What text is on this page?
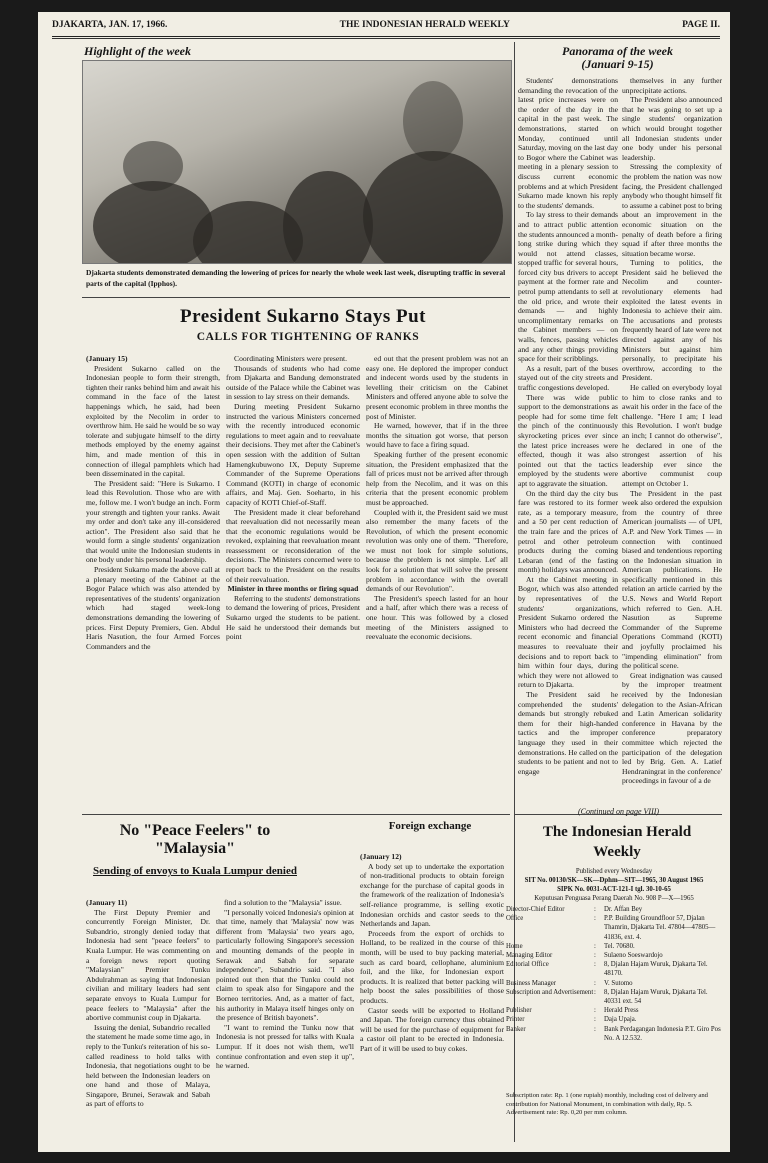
DJAKARTA, JAN. 17, 1966.	THE INDONESIAN HERALD WEEKLY	PAGE II.
Highlight of the week
Djakarta students demonstrated demanding the lowering of prices for nearly the whole week last week, disrupting traffic in several parts of the capital (Ipphos).
Panorama of the week
(Januari 9-15)

Students' demonstrations demanding the revocation of the latest price increases were on the order of the day in the capital in the past week. The demonstrations, started on Monday, continued until Saturday, moving on the last day to Bogor where the Cabinet was meeting in a plenary session to discuss current economic problems and at which President Sukarno made known his reply to the students' demands.

To lay stress to their demands and to attract public attention the students announced a month-long strike during which they would not attend classes, stopped traffic for several hours, forced city bus drivers to accept payment at the former rate and petrol pump attendants to sell at the old price, and wrote their demands — and highly uncomplimentary remarks on the Cabinet members — on walls, fences, passing vehicles and any other things providing space for their scribblings.

As a result, part of the buses stayed out of the city streets and traffic congestions developed.

There was wide public support to the demonstrations as people had for some time felt the pinch of the continuously skyrocketing prices ever since the latest price increases were effected, though it was also pointed out that the tactics employed by the students were apt to aggravate the situation.

On the third day the city bus fare was restored to its former rate, as a temporary measure, and a 50 per cent reduction of the train fare and the prices of petrol and other petroleum products during the coming Lebaran (end of the fasting month) holidays was announced.

At the Cabinet meeting in Bogor, which was also attended by representatives of the students' organizations, President Sukarno ordered the Ministers who had decreed the recent economic and financial measures to reevaluate their decisions and to report back to him within four days, during which they were not allowed to return to Djakarta.

The President said he comprehended the students' demands but strongly rebuked them for their high-handed tactics and the improper language they used in their demonstrations. He called on the students to be patient and not to engage

themselves in any further unprecipitate actions.

The President also announced that he was going to set up a single students' organization which would brought together all Indonesian students under one body under his personal leadership.

Stressing the complexity of the problem the nation was now facing, the President challenged anybody who thought himself fit to assume a cabinet post to bring about an improvement in the economic situation on the penalty of death before a firing squad if after three months the situation became worse.

Turning to politics, the President said he believed the Necolim and counter-revolutionary elements had exploited the latest events in Indonesia to achieve their aim. The accusations and protests frequently heard of late were not directed against any of his Ministers but against him personally, to precipitate his overthrow, according to the President.

He called on everybody loyal to him to close ranks and to await his order in the face of the challenge. "Here I am; I lead this Revolution. I won't budge an inch; I cannot do otherwise", he declared in one of the strongest assertion of his leadership ever since the abortive communist coup attempt on October 1.

The President in the past week also ordered the expulsion from the country of three American journalists — of UPI, A.P. and New York Times — in connection with continued biased and tendentious reporting on the Indonesian situation in American publications. He specifically mentioned in this relation an article carried by the U.S. News and World Report which referred to Gen. A.H. Nasution as Supreme Commander of the Supreme Operations Command (KOTI) and joyfully proclaimed his "impending elimination" from the political scene.

Great indignation was caused by the improper treatment received by the Indonesian delegation to the Asian-African and Latin American solidarity conference in Havana by the conference preparatory committee which rejected the participation of the delegation led by Brig. Gen. A. Latief Hendraningrat in the conference' proceedings in favour of a de

(Continued on page VIII)
President Sukarno Stays Put
CALLS FOR TIGHTENING OF RANKS

(January 15)

President Sukarno called on the Indonesian people to form their strength, tighten their ranks behind him and await his command in the face of the latest happenings which, he said, had been exploited by the Necolim in order to overthrow him. He said he would be so way tolerate and subjugate himself to the dirty methods employed by the enemy against him, and made mention of this in connection of illegal pamphlets which had been disseminated in the capital.

The President said: "Here is Sukarno. I lead this Revolution. Those who are with me, follow me. I won't budge an inch. Form your strength and tighten your ranks. Await my order and don't take any ill-considered action". The President also said that he would form a single students' organization that would unite the Indonesian students in one body under his personal leadership.

President Sukarno made the above call at a plenary meeting of the Cabinet at the Bogor Palace which was also attended by representatives of the students' organization which had staged week-long demonstrations demanding the lowering of prices. First Deputy Premiers, Gen. Abdul Haris Nasution, the four Armed Forces Commanders and the

Coordinating Ministers were present.

Thousands of students who had come from Djakarta and Bandung demonstrated outside of the Palace while the Cabinet was in session to lay stress on their demands.

During meeting President Sukarno instructed the various Ministers concerned with the recently introduced economic regulations to meet again and to reevaluate their decisions. They met after the Cabinet's open session with the addition of Sultan Hamengkubuwono IX, Deputy Supreme Commander of the Supreme Operations Command (KOTI) in charge of economic affairs, and Maj. Gen. Soeharto, in his capacity of KOTI Chief-of-Staff.

The President made it clear beforehand that reevaluation did not necessarily mean that the economic regulations would be revoked, explaining that reevaluation meant reassessment or reconsideration of the decisions. The Ministers concerned were to report back to the President on the results of their reevaluation.

Minister in three months or firing squad

Referring to the students' demonstrations to demand the lowering of prices, President Sukarno urged the students to be patient. He said he understood their demands but point

ed out that the present problem was not an easy one. He deplored the improper conduct and indecent words used by the students in levelling their criticism on the Cabinet Ministers and offered anyone able to solve the present economic problem in three months the post of Minister.

He warned, however, that if in the three months the situation got worse, that person would have to face a firing squad.

Speaking further of the present economic situation, the President emphasized that the fall of prices must not be arrived after through help from the Necolim, and it was on this criteria that the present economic problem must be approached.

Coupled with it, the President said we must also remember the many facets of the Revolution, of which the present economic revolution was only one of them. "Therefore, we must not look for simple solutions, because the problem is not simple. Let' all look for a solution that will solve the present problem in accordance with the overall demands of our Revolution".

The President's speech lasted for an hour and a half, after which there was a recess of one hour. This was followed by a closed meeting of the Ministers assigned to reevaluate the economic decisions.

No "Peace Feelers" to "Malaysia"
Sending of envoys to Kuala Lumpur denied

(January 11)

The First Deputy Premier and concurrently Foreign Minister, Dr. Subandrio, strongly denied today that Indonesia had sent "peace feelers" to Kuala Lumpur. He was commenting on a foreign news report quoting "Malaysian" Premier Tunku Abdulrahman as saying that Indonesian civilian and military leaders had sent separate envoys to Kuala Lumpur for peace feelers to "Malaysia" after the abortive communist coup in Djakarta.

Issuing the denial, Subandrio recalled the statement he made some time ago, in reply to the Tunku's reiteration of his so-called readiness to hold talks with Indonesia, that negotiations ought to be held between the Indonesian leaders on one hand and those of Malaya, Singapore, Brunei, Serawak and Sabah as part of efforts to

find a solution to the "Malaysia" issue.

"I personally voiced Indonesia's opinion at that time, namely that 'Malaysia' now was different from 'Malaysia' two years ago, particularly following Singapore's secession and mounting demands of the people in Serawak and Sabah for separate independence", Subandrio said. "I also pointed out then that the Tunku could not claim to speak also for Singapore and the Borneo territories. And, as a matter of fact, his authority in Malaya itself hinges only on the presence of British bayonets".

"I want to remind the Tunku now that Indonesia is not pressed for talks with Kuala Lumpur. If it does not wish them, we'll continue confrontation and even step it up", he warned.

Foreign exchange

(January 12)

A body set up to undertake the exportation of non-traditional products to obtain foreign exchange for the purchase of capital goods in the framework of the realization of Indonesia's self-reliance programme, is selling exotic Indonesian orchids and castor seeds to the Netherlands and Japan.

Proceeds from the export of orchids to Holland, to be realized in the course of this month, will be used to buy packing material, such as card board, cellophane, aluminium foil, and the like, for Indonesian export products. It is realized that better packing will help boost the sales possibilities of those products.

Castor seeds will be exported to Holland and Japan. The foreign currency thus obtained will be used for the purchase of equipment for a castor oil plant to be erected in Indonesia. Part of it will be used to buy cokes.

The Indonesian Herald
Weekly
Published every Wednesday
SIT No. 00130/SK—SK—Dphm—SIT—1965, 30 August 1965
SIPK No. 0031-ACT-121-I tgl. 30-10-65
Keputusan Penguasa Perang Daerah No. 908 P—X—1965
Director-Chief Editor	:	Dr. Affan Bey
Office	:	P.P. Building Groundfloor 57, Djalan Thamrin, Djakarta Tel. 47804—47805—41836, ext. 4.
Home	:	Tel. 70680.
Managing Editor	:	Sulaeno Soeswardojo
Editorial Office	:	8, Djalan Hajam Wuruk, Djakarta Tel. 48170.
Business Manager	:	V. Sutomo
Subscription and Advertisement :	8, Djalan Hajam Wuruk, Djakarta Tel. 40331 ext. 54
Publisher	:	Herald Press
Printer	:	Daja Upaja.
Banker	:	Bank Perdagangan Indonesia P.T. Giro Pos No. A 12.532.
Subscription rate: Rp. 1 (one rupiah) monthly, including cost of delivery and contribution for National Monument, in combination with daily, Rp. 5. Advertisement rate: Rp. 0,20 per mm column.
